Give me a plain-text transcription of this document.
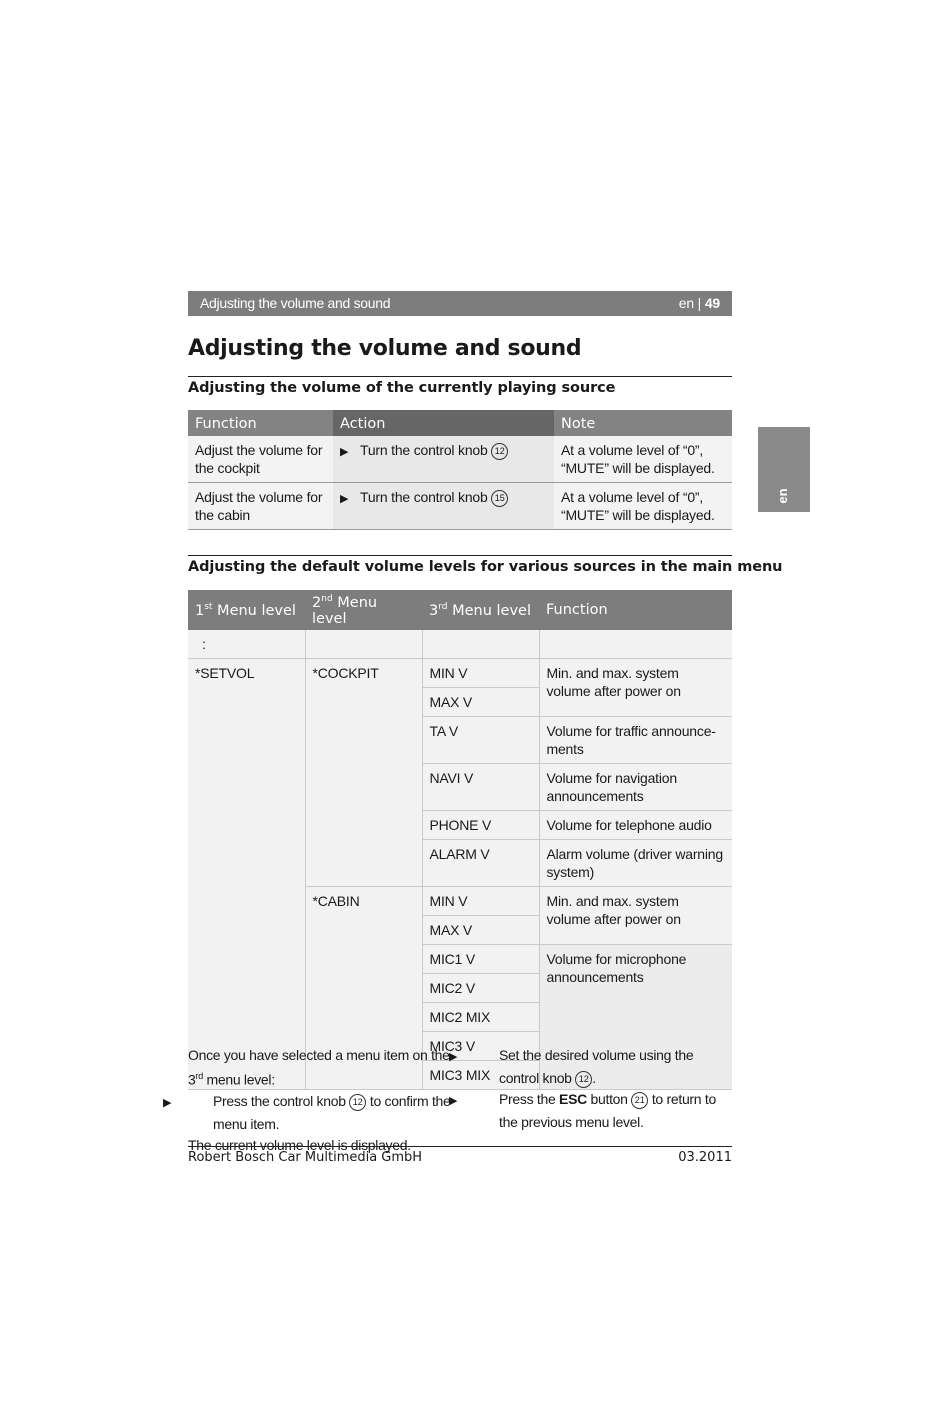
Adjusting the volume and sound	en | 49
en
Adjusting the volume and sound
Adjusting the volume of the currently playing source
Function	Action	Note
Adjust the volume for the cockpit	▶ Turn the control knob 12	At a volume level of “0”, “MUTE” will be displayed.
Adjust the volume for the cabin	▶ Turn the control knob 15	At a volume level of “0”, “MUTE” will be displayed.
Adjusting the default volume levels for various sources in the main menu
1st Menu level	2nd Menu level	3rd Menu level	Function
:			
*SETVOL	*COCKPIT	MIN V	Min. and max. system volume after power on
		MAX V	
		TA V	Volume for traffic announce-ments
		NAVI V	Volume for navigation announcements
		PHONE V	Volume for telephone audio
		ALARM V	Alarm volume (driver warning system)
	*CABIN	MIN V	Min. and max. system volume after power on
		MAX V	
		MIC1 V	Volume for microphone announcements
		MIC2 V	
		MIC2 MIX	
		MIC3 V	
		MIC3 MIX	
Once you have selected a menu item on the 3rd menu level:
▶	Press the control knob 12 to confirm the menu item.
The current volume level is displayed.
▶	Set the desired volume using the control knob 12 .
▶	Press the ESC button 21 to return to the previous menu level.
Robert Bosch Car Multimedia GmbH	03.2011
